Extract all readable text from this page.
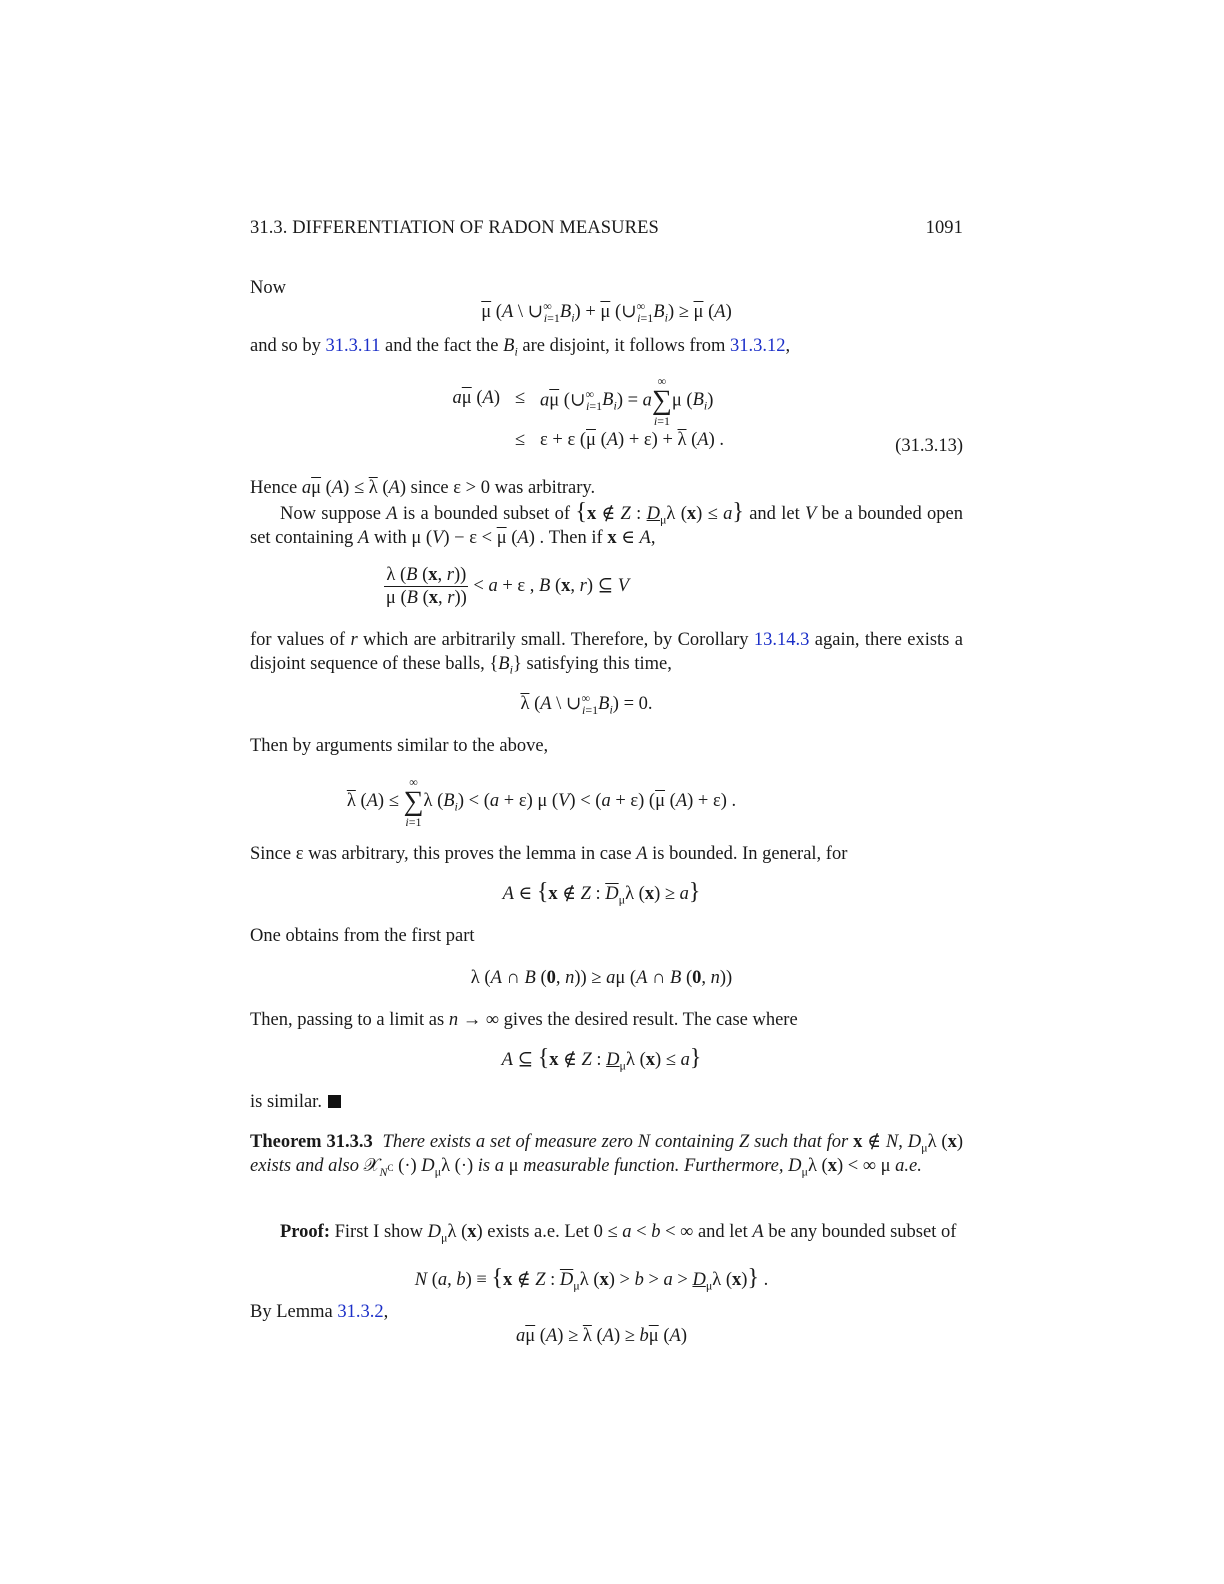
31.3. DIFFERENTIATION OF RADON MEASURES	1091

Now

$\overline{\mu}$ (A \ $\cup^\infty_{i=1}B_i) + \overline{\mu}$ $(\cup^\infty_{i=1}B_i) \ge \overline{\mu}$ (A)

and so by 31.3.11 and the fact the $B_i$ are disjoint, it follows from 31.3.12,

$a\overline{\mu}$ $(A) \le a\overline{\mu}$ $(\cup^\infty_{i=1}B_i) = a$
∞
∑
i=1
μ $(B_i)$
≤ ε + ε ($\overline{\mu}$ $(A) + \varepsilon) + \overline{\lambda}$ (A) .	(31.3.13)

Hence $a\overline{\mu}$ $(A) \le \overline{\lambda}$ (A) since ε > 0 was arbitrary.

Now suppose A is a bounded subset of {x ∉ Z : $D_\mu\lambda$ (x) ≤ a} and let V be a bounded open set containing A with μ $(V) - \varepsilon < \overline{\mu}$ (A) . Then if x ∈ A,

$\frac{\lambda (B (x, r))}{\mu (B (x, r))} < a + \varepsilon$ , B (x, r) ⊆ V

for values of r which are arbitrarily small. Therefore, by Corollary 13.14.3 again, there exists a disjoint sequence of these balls, $\{B_i\}$ satisfying this time,

$\overline{\lambda}$ (A \ $\cup^\infty_{i=1}B_i) = 0$.

Then by arguments similar to the above,

$\overline{\lambda}$ (A) ≤
∞
∑
i=1
λ $(B_i) < (a + \varepsilon)$ μ (V) < (a + ε) ($\overline{\mu}$ (A) + ε) .

Since ε was arbitrary, this proves the lemma in case A is bounded. In general, for

A ∈ {x ∉ Z : $\overline{D}_\mu\lambda$ (x) ≥ a}

One obtains from the first part

λ (A ∩ B (0, n)) ≥ aμ (A ∩ B (0, n))

Then, passing to a limit as n → ∞ gives the desired result. The case where

A ⊆ {x ∉ Z : $D_\mu\lambda$ (x) ≤ a}

is similar.

Theorem 31.3.3 There exists a set of measure zero N containing Z such that for x ∉ N, $D_\mu\lambda$ (x) exists and also 𝒳$_{N^C}$ (·) $D_\mu\lambda$ (·) is a μ measurable function. Furthermore, $D_\mu\lambda$ (x) < ∞ μ a.e.

Proof: First I show $D_\mu\lambda$ (x) exists a.e. Let 0 ≤ a < b < ∞ and let A be any bounded subset of

N (a, b) ≡ {x ∉ Z : $\overline{D}_\mu\lambda$ $(x) > b > a > D_\mu\lambda$ (x)} .

By Lemma 31.3.2,

$a\overline{\mu}$ $(A) \ge \overline{\lambda}$ $(A) \ge b\overline{\mu}$ (A)
